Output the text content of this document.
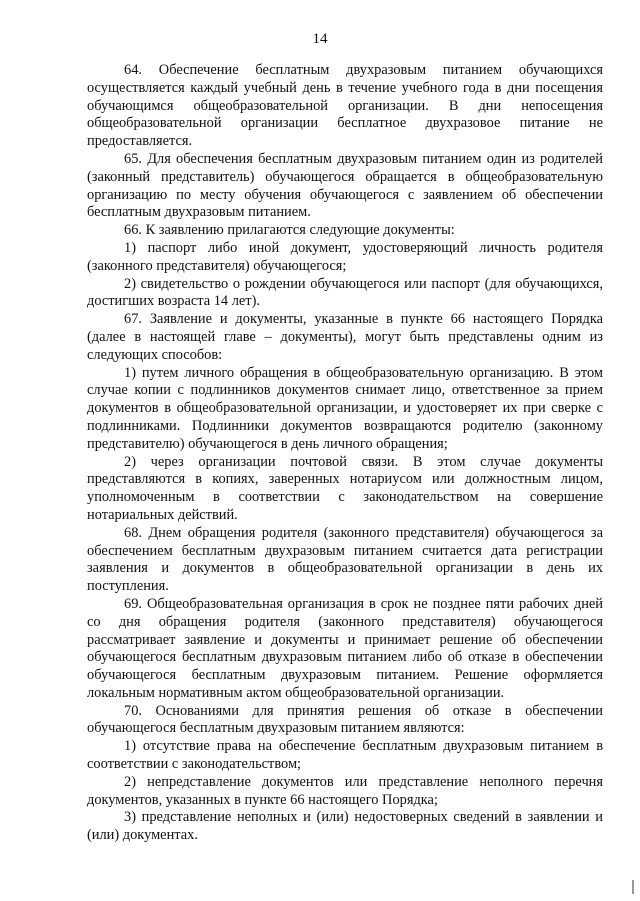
14

64. Обеспечение бесплатным двухразовым питанием обучающихся осуществляется каждый учебный день в течение учебного года в дни посещения обучающимся общеобразовательной организации. В дни непосещения общеобразовательной организации бесплатное двухразовое питание не предоставляется.

65. Для обеспечения бесплатным двухразовым питанием один из родителей (законный представитель) обучающегося обращается в общеобразовательную организацию по месту обучения обучающегося с заявлением об обеспечении бесплатным двухразовым питанием.

66. К заявлению прилагаются следующие документы:

1) паспорт либо иной документ, удостоверяющий личность родителя (законного представителя) обучающегося;

2) свидетельство о рождении обучающегося или паспорт (для обучающихся, достигших возраста 14 лет).

67. Заявление и документы, указанные в пункте 66 настоящего Порядка (далее в настоящей главе – документы), могут быть представлены одним из следующих способов:

1) путем личного обращения в общеобразовательную организацию. В этом случае копии с подлинников документов снимает лицо, ответственное за прием документов в общеобразовательной организации, и удостоверяет их при сверке с подлинниками. Подлинники документов возвращаются родителю (законному представителю) обучающегося в день личного обращения;

2) через организации почтовой связи. В этом случае документы представляются в копиях, заверенных нотариусом или должностным лицом, уполномоченным в соответствии с законодательством на совершение нотариальных действий.

68. Днем обращения родителя (законного представителя) обучающегося за обеспечением бесплатным двухразовым питанием считается дата регистрации заявления и документов в общеобразовательной организации в день их поступления.

69. Общеобразовательная организация в срок не позднее пяти рабочих дней со дня обращения родителя (законного представителя) обучающегося рассматривает заявление и документы и принимает решение об обеспечении обучающегося бесплатным двухразовым питанием либо об отказе в обеспечении обучающегося бесплатным двухразовым питанием. Решение оформляется локальным нормативным актом общеобразовательной организации.

70. Основаниями для принятия решения об отказе в обеспечении обучающегося бесплатным двухразовым питанием являются:

1) отсутствие права на обеспечение бесплатным двухразовым питанием в соответствии с законодательством;

2) непредставление документов или представление неполного перечня документов, указанных в пункте 66 настоящего Порядка;

3) представление неполных и (или) недостоверных сведений в заявлении и (или) документах.
